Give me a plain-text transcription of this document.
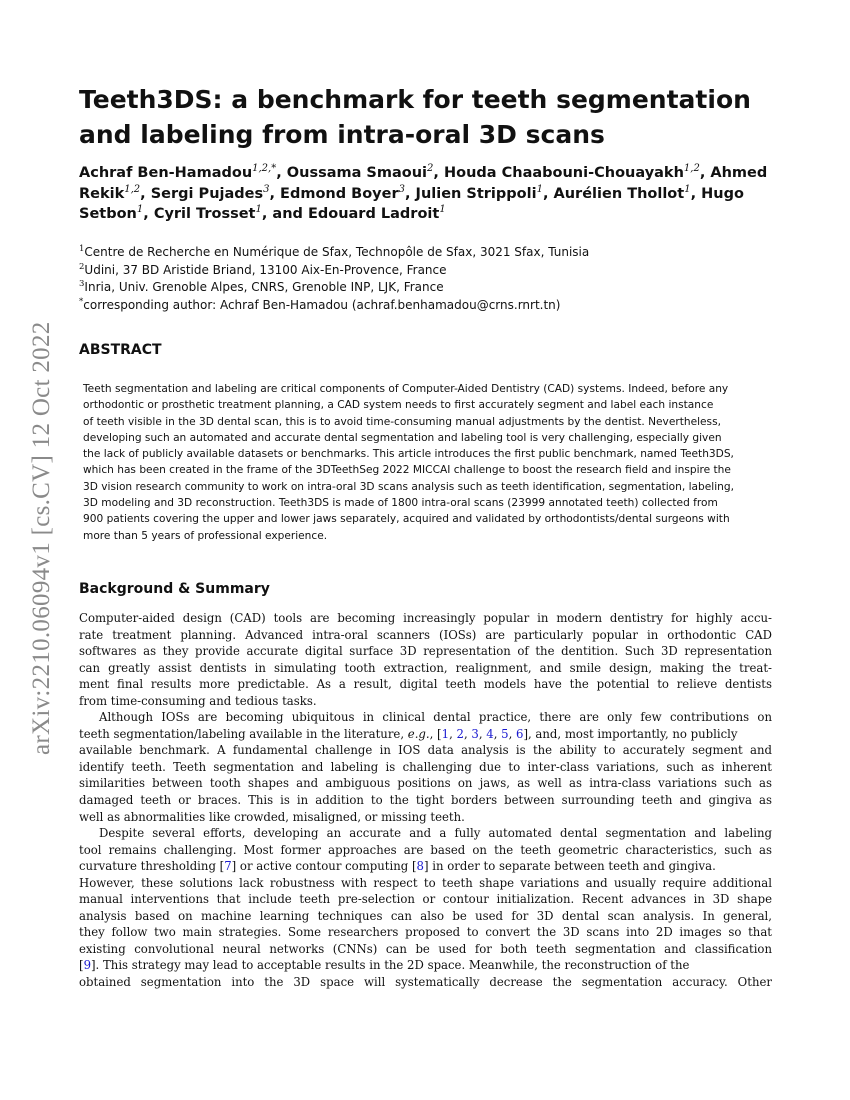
arXiv:2210.06094v1 [cs.CV] 12 Oct 2022
Teeth3DS: a benchmark for teeth segmentation
and labeling from intra-oral 3D scans
Achraf Ben-Hamadou$^{1,2,*}$, Oussama Smaoui$^2$, Houda Chaabouni-Chouayakh$^{1,2}$, Ahmed
Rekik$^{1,2}$, Sergi Pujades$^3$, Edmond Boyer$^3$, Julien Strippoli$^1$, Aurélien Thollot$^1$, Hugo
Setbon$^1$, Cyril Trosset$^1$, and Edouard Ladroit$^1$
$^1$Centre de Recherche en Numérique de Sfax, Technopôle de Sfax, 3021 Sfax, Tunisia
$^2$Udini, 37 BD Aristide Briand, 13100 Aix-En-Provence, France
$^3$Inria, Univ. Grenoble Alpes, CNRS, Grenoble INP, LJK, France
*corresponding author: Achraf Ben-Hamadou (achraf.benhamadou@crns.rnrt.tn)
ABSTRACT
Teeth segmentation and labeling are critical components of Computer-Aided Dentistry (CAD) systems. Indeed, before any
orthodontic or prosthetic treatment planning, a CAD system needs to first accurately segment and label each instance
of teeth visible in the 3D dental scan, this is to avoid time-consuming manual adjustments by the dentist. Nevertheless,
developing such an automated and accurate dental segmentation and labeling tool is very challenging, especially given
the lack of publicly available datasets or benchmarks. This article introduces the first public benchmark, named Teeth3DS,
which has been created in the frame of the 3DTeethSeg 2022 MICCAI challenge to boost the research field and inspire the
3D vision research community to work on intra-oral 3D scans analysis such as teeth identification, segmentation, labeling,
3D modeling and 3D reconstruction. Teeth3DS is made of 1800 intra-oral scans (23999 annotated teeth) collected from
900 patients covering the upper and lower jaws separately, acquired and validated by orthodontists/dental surgeons with
more than 5 years of professional experience.
Background & Summary
Computer-aided design (CAD) tools are becoming increasingly popular in modern dentistry for highly accu-
rate treatment planning. Advanced intra-oral scanners (IOSs) are particularly popular in orthodontic CAD
softwares as they provide accurate digital surface 3D representation of the dentition. Such 3D representation
can greatly assist dentists in simulating tooth extraction, realignment, and smile design, making the treat-
ment final results more predictable. As a result, digital teeth models have the potential to relieve dentists
from time-consuming and tedious tasks.
Although IOSs are becoming ubiquitous in clinical dental practice, there are only few contributions on
teeth segmentation/labeling available in the literature, e.g., [1, 2, 3, 4, 5, 6], and, most importantly, no publicly
available benchmark. A fundamental challenge in IOS data analysis is the ability to accurately segment and
identify teeth. Teeth segmentation and labeling is challenging due to inter-class variations, such as inherent
similarities between tooth shapes and ambiguous positions on jaws, as well as intra-class variations such as
damaged teeth or braces. This is in addition to the tight borders between surrounding teeth and gingiva as
well as abnormalities like crowded, misaligned, or missing teeth.
Despite several efforts, developing an accurate and a fully automated dental segmentation and labeling
tool remains challenging. Most former approaches are based on the teeth geometric characteristics, such as
curvature thresholding [7] or active contour computing [8] in order to separate between teeth and gingiva.
However, these solutions lack robustness with respect to teeth shape variations and usually require additional
manual interventions that include teeth pre-selection or contour initialization. Recent advances in 3D shape
analysis based on machine learning techniques can also be used for 3D dental scan analysis. In general,
they follow two main strategies. Some researchers proposed to convert the 3D scans into 2D images so that
existing convolutional neural networks (CNNs) can be used for both teeth segmentation and classification
[9]. This strategy may lead to acceptable results in the 2D space. Meanwhile, the reconstruction of the
obtained segmentation into the 3D space will systematically decrease the segmentation accuracy. Other
